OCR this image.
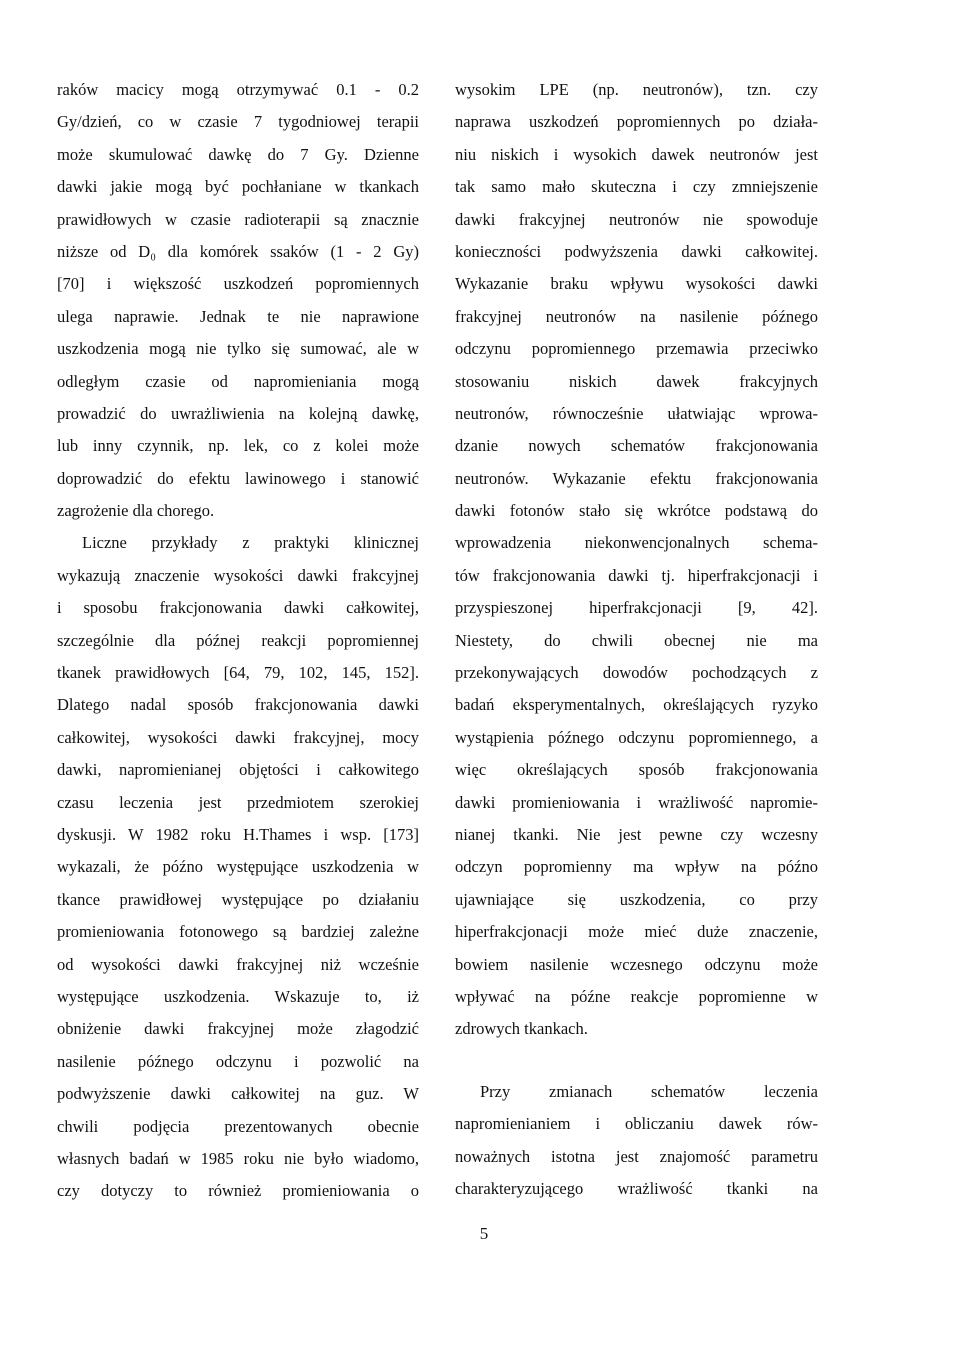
raków macicy mogą otrzymywać 0.1 - 0.2
Gy/dzień, co w czasie 7 tygodniowej terapii
może skumulować dawkę do 7 Gy. Dzienne
dawki jakie mogą być pochłaniane w tkankach
prawidłowych w czasie radioterapii są znacznie
niższe od D₀ dla komórek ssaków (1 - 2 Gy)
[70] i większość uszkodzeń popromiennych
ulega naprawie. Jednak te nie naprawione
uszkodzenia mogą nie tylko się sumować, ale w
odległym czasie od napromieniania mogą
prowadzić do uwrażliwienia na kolejną dawkę,
lub inny czynnik, np. lek, co z kolei może
doprowadzić do efektu lawinowego i stanowić
zagrożenie dla chorego.
Liczne przykłady z praktyki klinicznej
wykazują znaczenie wysokości dawki frakcyjnej
i sposobu frakcjonowania dawki całkowitej,
szczególnie dla późnej reakcji popromiennej
tkanek prawidłowych [64, 79, 102, 145, 152].
Dlatego nadal sposób frakcjonowania dawki
całkowitej, wysokości dawki frakcyjnej, mocy
dawki, napromienianej objętości i całkowitego
czasu leczenia jest przedmiotem szerokiej
dyskusji. W 1982 roku H.Thames i wsp. [173]
wykazali, że późno występujące uszkodzenia w
tkance prawidłowej występujące po działaniu
promieniowania fotonowego są bardziej zależne
od wysokości dawki frakcyjnej niż wcześnie
występujące uszkodzenia. Wskazuje to, iż
obniżenie dawki frakcyjnej może złagodzić
nasilenie późnego odczynu i pozwolić na
podwyższenie dawki całkowitej na guz. W
chwili podjęcia prezentowanych obecnie
własnych badań w 1985 roku nie było wiadomo,
czy dotyczy to również promieniowania o
wysokim LPE (np. neutronów), tzn. czy
naprawa uszkodzeń popromiennych po działa-
niu niskich i wysokich dawek neutronów jest
tak samo mało skuteczna i czy zmniejszenie
dawki frakcyjnej neutronów nie spowoduje
konieczności podwyższenia dawki całkowitej.
Wykazanie braku wpływu wysokości dawki
frakcyjnej neutronów na nasilenie późnego
odczynu popromiennego przemawia przeciwko
stosowaniu niskich dawek frakcyjnych
neutronów, równocześnie ułatwiając wprowa-
dzanie nowych schematów frakcjonowania
neutronów. Wykazanie efektu frakcjonowania
dawki fotonów stało się wkrótce podstawą do
wprowadzenia niekonwencjonalnych schema-
tów frakcjonowania dawki tj. hiperfrakcjonacji i
przyspieszonej hiperfrakcjonacji [9, 42].
Niestety, do chwili obecnej nie ma
przekonywających dowodów pochodzących z
badań eksperymentalnych, określających ryzyko
wystąpienia późnego odczynu popromiennego, a
więc określających sposób frakcjonowania
dawki promieniowania i wrażliwość napromie-
nianej tkanki. Nie jest pewne czy wczesny
odczyn popromienny ma wpływ na późno
ujawniające się uszkodzenia, co przy
hiperfrakcjonacji może mieć duże znaczenie,
bowiem nasilenie wczesnego odczynu może
wpływać na późne reakcje popromienne w
zdrowych tkankach.
Przy zmianach schematów leczenia
napromienianiem i obliczaniu dawek rów-
noważnych istotna jest znajomość parametru
charakteryzującego wrażliwość tkanki na
5
